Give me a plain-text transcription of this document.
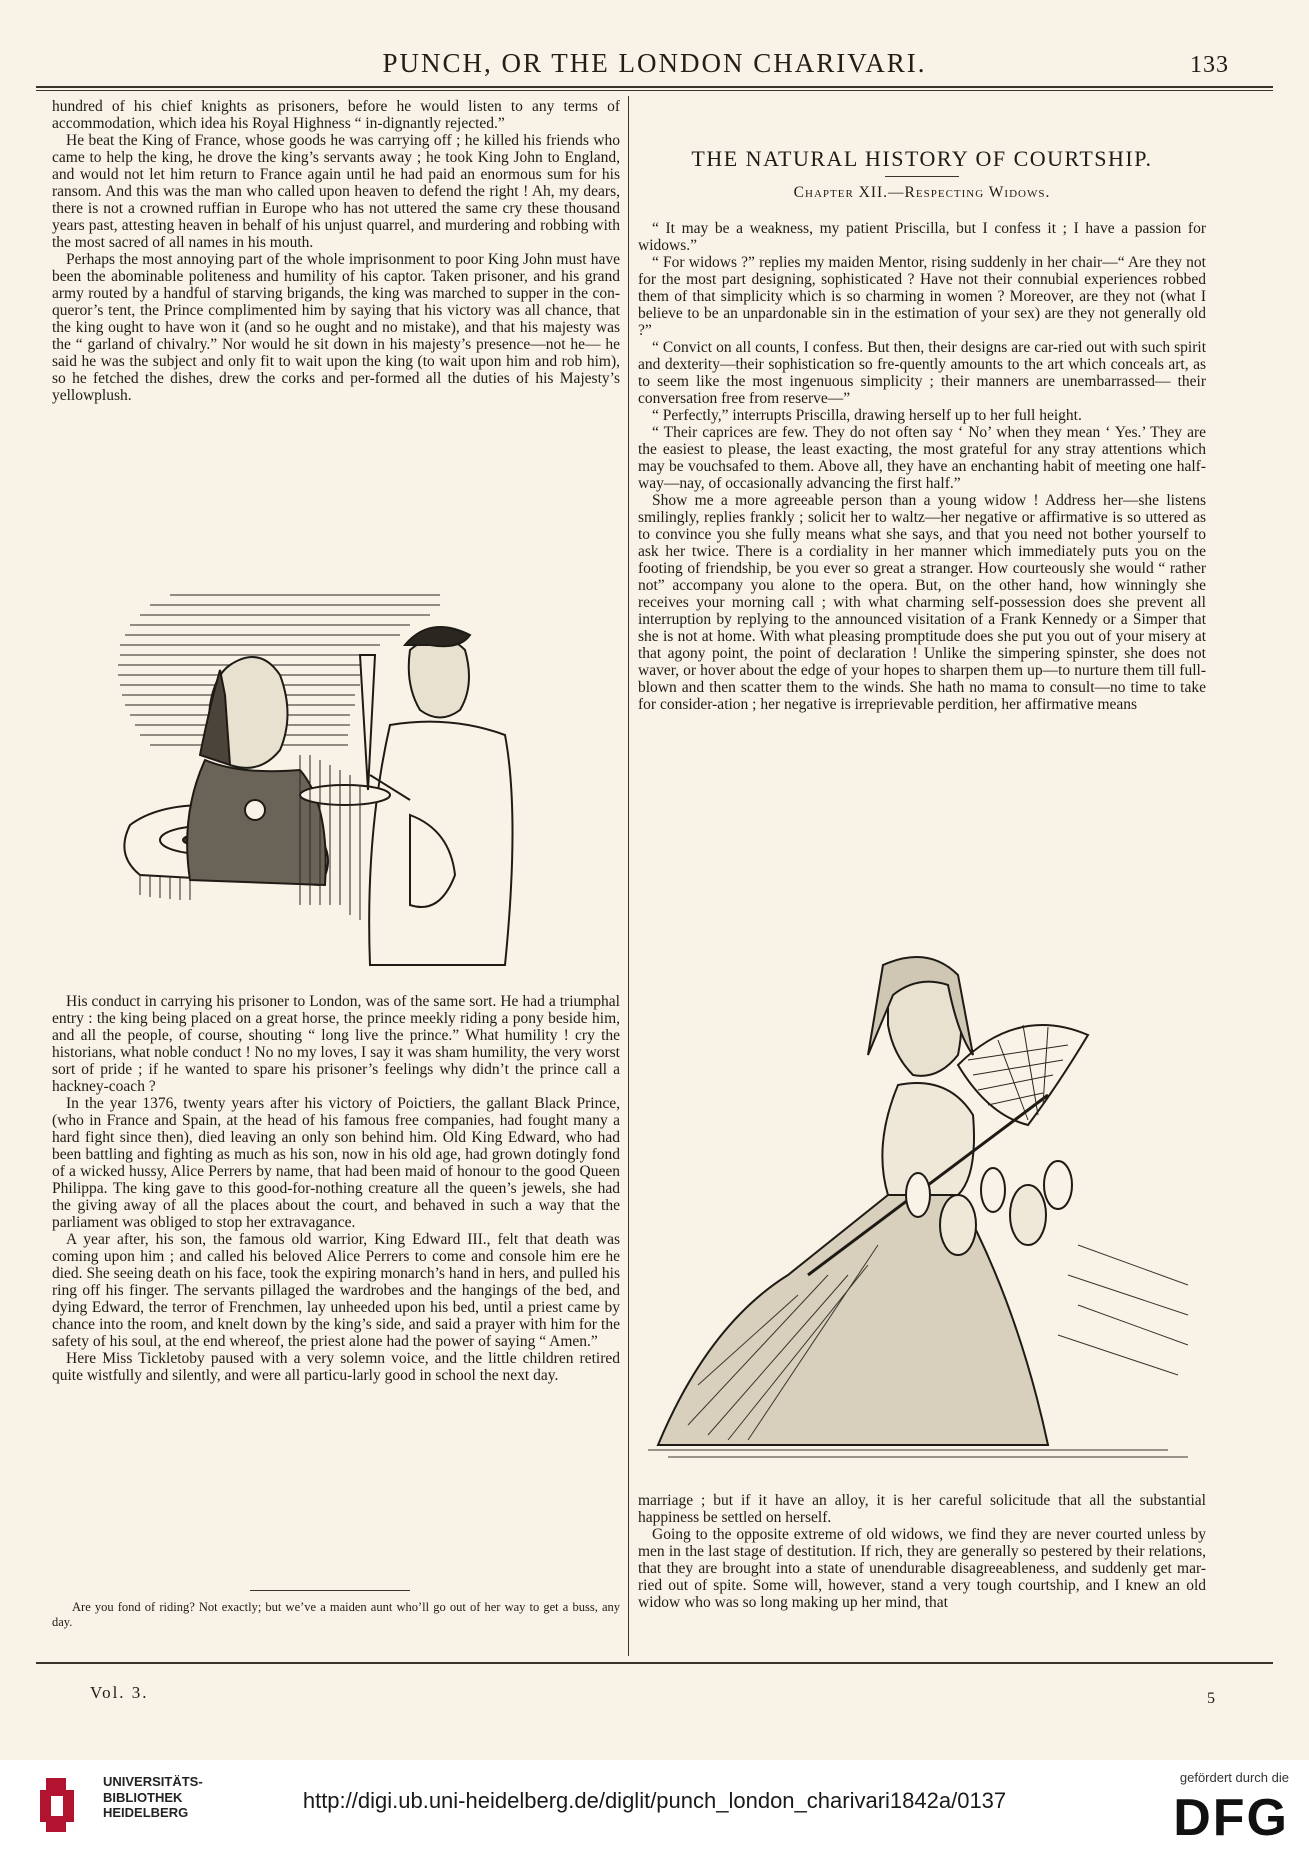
PUNCH, OR THE LONDON CHARIVARI.	133

hundred of his chief knights as prisoners, before he would listen to any terms of accommodation, which idea his Royal Highness “ in-dignantly rejected.”

He beat the King of France, whose goods he was carrying off ; he killed his friends who came to help the king, he drove the king’s servants away ; he took King John to England, and would not let him return to France again until he had paid an enormous sum for his ransom. And this was the man who called upon heaven to defend the right ! Ah, my dears, there is not a crowned ruffian in Europe who has not uttered the same cry these thousand years past, attesting heaven in behalf of his unjust quarrel, and murdering and robbing with the most sacred of all names in his mouth.

Perhaps the most annoying part of the whole imprisonment to poor King John must have been the abominable politeness and humility of his captor. Taken prisoner, and his grand army routed by a handful of starving brigands, the king was marched to supper in the con-queror’s tent, the Prince complimented him by saying that his victory was all chance, that the king ought to have won it (and so he ought and no mistake), and that his majesty was the “ garland of chivalry.” Nor would he sit down in his majesty’s presence—not he— he said he was the subject and only fit to wait upon the king (to wait upon him and rob him), so he fetched the dishes, drew the corks and per-formed all the duties of his Majesty’s yellowplush.

His conduct in carrying his prisoner to London, was of the same sort. He had a triumphal entry : the king being placed on a great horse, the prince meekly riding a pony beside him, and all the people, of course, shouting “ long live the prince.” What humility ! cry the historians, what noble conduct ! No no my loves, I say it was sham humility, the very worst sort of pride ; if he wanted to spare his prisoner’s feelings why didn’t the prince call a hackney-coach ?

In the year 1376, twenty years after his victory of Poictiers, the gallant Black Prince, (who in France and Spain, at the head of his famous free companies, had fought many a hard fight since then), died leaving an only son behind him. Old King Edward, who had been battling and fighting as much as his son, now in his old age, had grown dotingly fond of a wicked hussy, Alice Perrers by name, that had been maid of honour to the good Queen Philippa. The king gave to this good-for-nothing creature all the queen’s jewels, she had the giving away of all the places about the court, and behaved in such a way that the parliament was obliged to stop her extravagance.

A year after, his son, the famous old warrior, King Edward III., felt that death was coming upon him ; and called his beloved Alice Perrers to come and console him ere he died. She seeing death on his face, took the expiring monarch’s hand in hers, and pulled his ring off his finger. The servants pillaged the wardrobes and the hangings of the bed, and dying Edward, the terror of Frenchmen, lay unheeded upon his bed, until a priest came by chance into the room, and knelt down by the king’s side, and said a prayer with him for the safety of his soul, at the end whereof, the priest alone had the power of saying “ Amen.”

Here Miss Tickletoby paused with a very solemn voice, and the little children retired quite wistfully and silently, and were all particu-larly good in school the next day.

Are you fond of riding? Not exactly; but we’ve a maiden aunt who’ll go out of her way to get a buss, any day.
THE NATURAL HISTORY OF COURTSHIP.
Chapter XII.—Respecting Widows.

“ It may be a weakness, my patient Priscilla, but I confess it ; I have a passion for widows.”

“ For widows ?” replies my maiden Mentor, rising suddenly in her chair—“ Are they not for the most part designing, sophisticated ? Have not their connubial experiences robbed them of that simplicity which is so charming in women ? Moreover, are they not (what I believe to be an unpardonable sin in the estimation of your sex) are they not generally old ?”

“ Convict on all counts, I confess. But then, their designs are car-ried out with such spirit and dexterity—their sophistication so fre-quently amounts to the art which conceals art, as to seem like the most ingenuous simplicity ; their manners are unembarrassed— their conversation free from reserve—”

“ Perfectly,” interrupts Priscilla, drawing herself up to her full height.

“ Their caprices are few. They do not often say ‘ No’ when they mean ‘ Yes.’ They are the easiest to please, the least exacting, the most grateful for any stray attentions which may be vouchsafed to them. Above all, they have an enchanting habit of meeting one half-way—nay, of occasionally advancing the first half.”

Show me a more agreeable person than a young widow ! Address her—she listens smilingly, replies frankly ; solicit her to waltz—her negative or affirmative is so uttered as to convince you she fully means what she says, and that you need not bother yourself to ask her twice. There is a cordiality in her manner which immediately puts you on the footing of friendship, be you ever so great a stranger. How courteously she would “ rather not” accompany you alone to the opera. But, on the other hand, how winningly she receives your morning call ; with what charming self-possession does she prevent all interruption by replying to the announced visitation of a Frank Kennedy or a Simper that she is not at home. With what pleasing promptitude does she put you out of your misery at that agony point, the point of declaration ! Unlike the simpering spinster, she does not waver, or hover about the edge of your hopes to sharpen them up—to nurture them till full-blown and then scatter them to the winds. She hath no mama to consult—no time to take for consider-ation ; her negative is irreprievable perdition, her affirmative means

marriage ; but if it have an alloy, it is her careful solicitude that all the substantial happiness be settled on herself.

Going to the opposite extreme of old widows, we find they are never courted unless by men in the last stage of destitution. If rich, they are generally so pestered by their relations, that they are brought into a state of unendurable disagreeableness, and suddenly get mar-ried out of spite. Some will, however, stand a very tough courtship, and I knew an old widow who was so long making up her mind, that

Vol. 3.	5
UNIVERSITÄTS-
BIBLIOTHEK
HEIDELBERG	http://digi.ub.uni-heidelberg.de/diglit/punch_london_charivari1842a/0137
gefördert durch die
DFG
